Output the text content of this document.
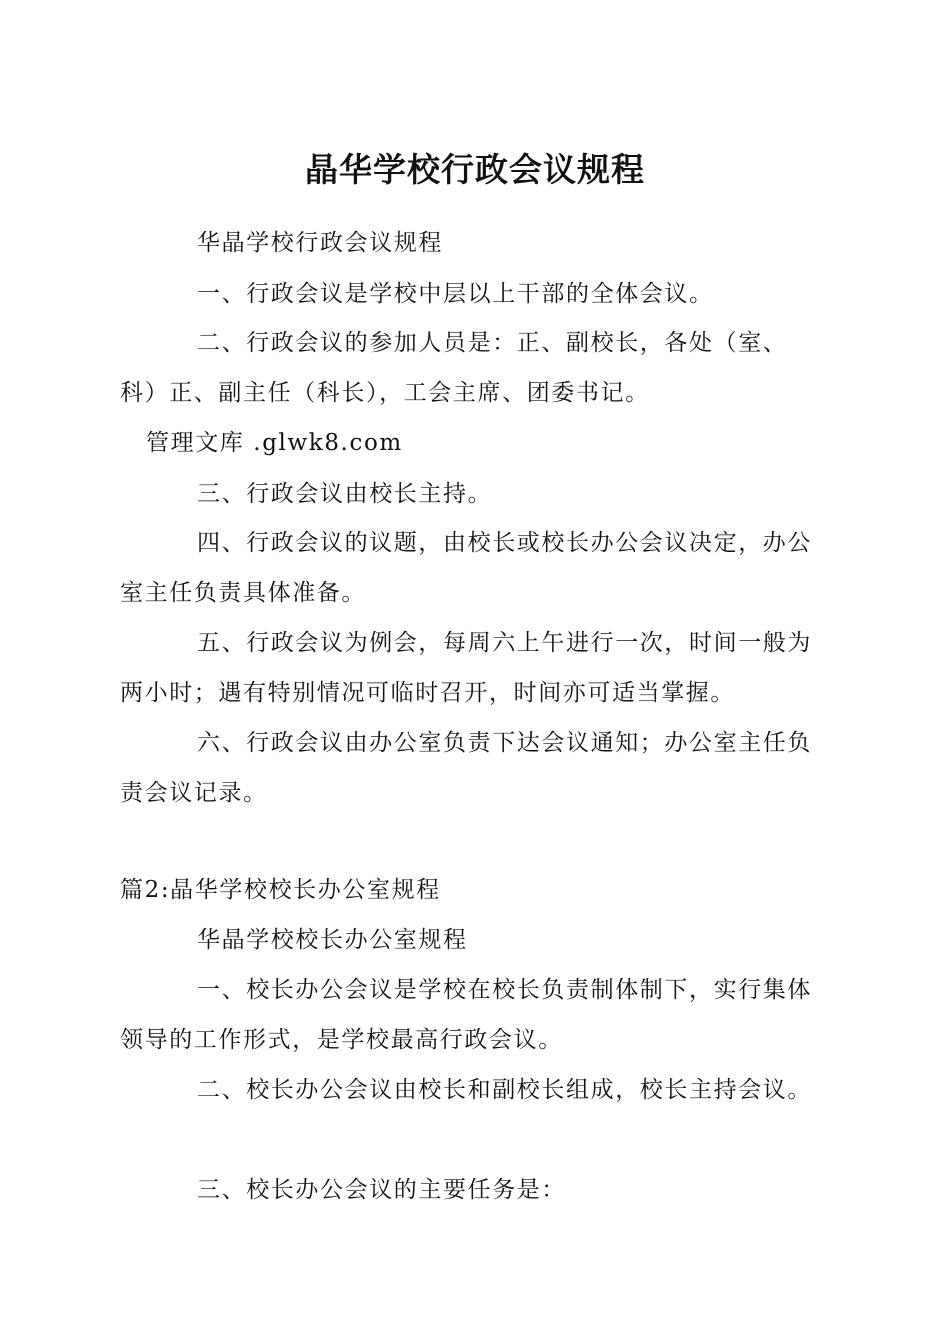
晶华学校行政会议规程
华晶学校行政会议规程
一、行政会议是学校中层以上干部的全体会议。
二、行政会议的参加人员是：正、副校长，各处（室、
科）正、副主任（科长），工会主席、团委书记。
管理文库 .glwk8.com
三、行政会议由校长主持。
四、行政会议的议题，由校长或校长办公会议决定，办公
室主任负责具体准备。
五、行政会议为例会，每周六上午进行一次，时间一般为
两小时；遇有特别情况可临时召开，时间亦可适当掌握。
六、行政会议由办公室负责下达会议通知；办公室主任负
责会议记录。
篇2:晶华学校校长办公室规程
华晶学校校长办公室规程
一、校长办公会议是学校在校长负责制体制下，实行集体
领导的工作形式，是学校最高行政会议。
二、校长办公会议由校长和副校长组成，校长主持会议。
三、校长办公会议的主要任务是：
